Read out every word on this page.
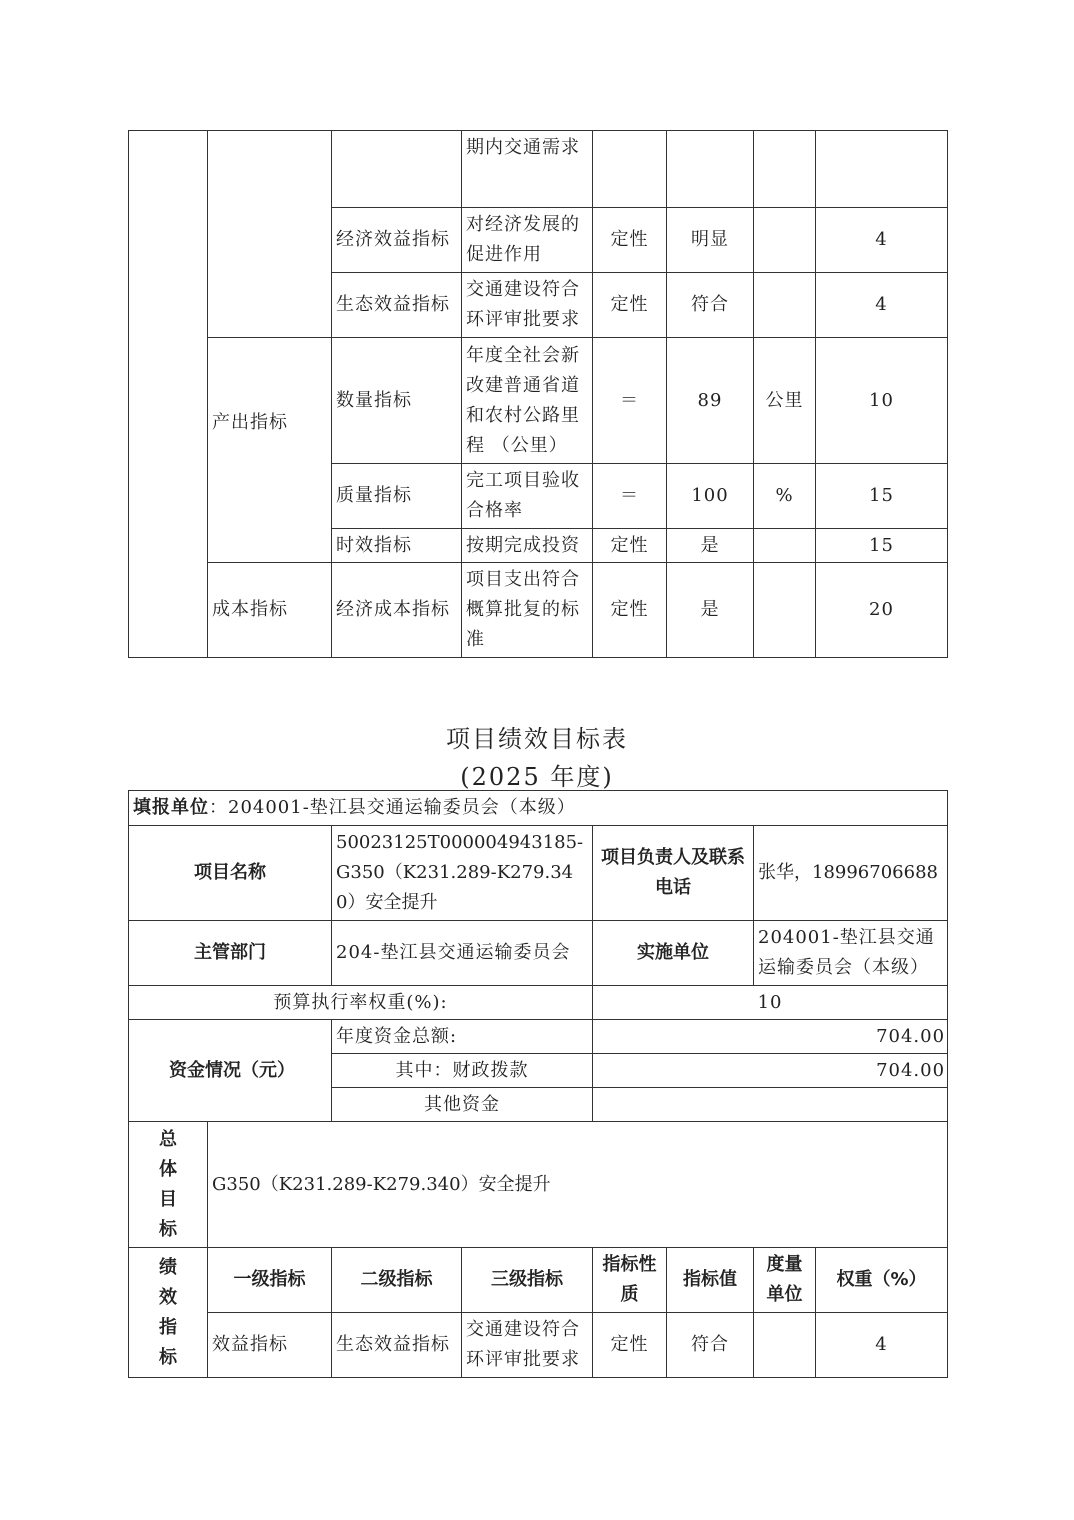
			期内交通需求				
		经济效益指标	对经济发展的促进作用	定性	明显		4
		生态效益指标	交通建设符合环评审批要求	定性	符合		4
	产出指标	数量指标	年度全社会新改建普通省道和农村公路里程 （公里）	＝	89	公里	10
		质量指标	完工项目验收合格率	＝	100	%	15
		时效指标	按期完成投资	定性	是		15
	成本指标	经济成本指标	项目支出符合概算批复的标准	定性	是		20
项目绩效目标表
(2025 年度)
填报单位：204001-垫江县交通运输委员会（本级）							
项目名称		50023125T000004943185-G350（K231.289-K279.340）安全提升		项目负责人及联系电话		张华，18996706688	
主管部门		204-垫江县交通运输委员会		实施单位		204001-垫江县交通运输委员会（本级）	
预算执行率权重(%):				10			
资金情况（元）		年度资金总额:		704.00			
		其中：财政拨款		704.00			
		其他资金					

总
体
目
标	G350（K231.289-K279.340）安全提升						

绩
效
指
标	一级指标	二级指标	三级指标	指标性质	指标值	度量单位	权重（%）
	效益指标	生态效益指标	交通建设符合环评审批要求	定性	符合		4
